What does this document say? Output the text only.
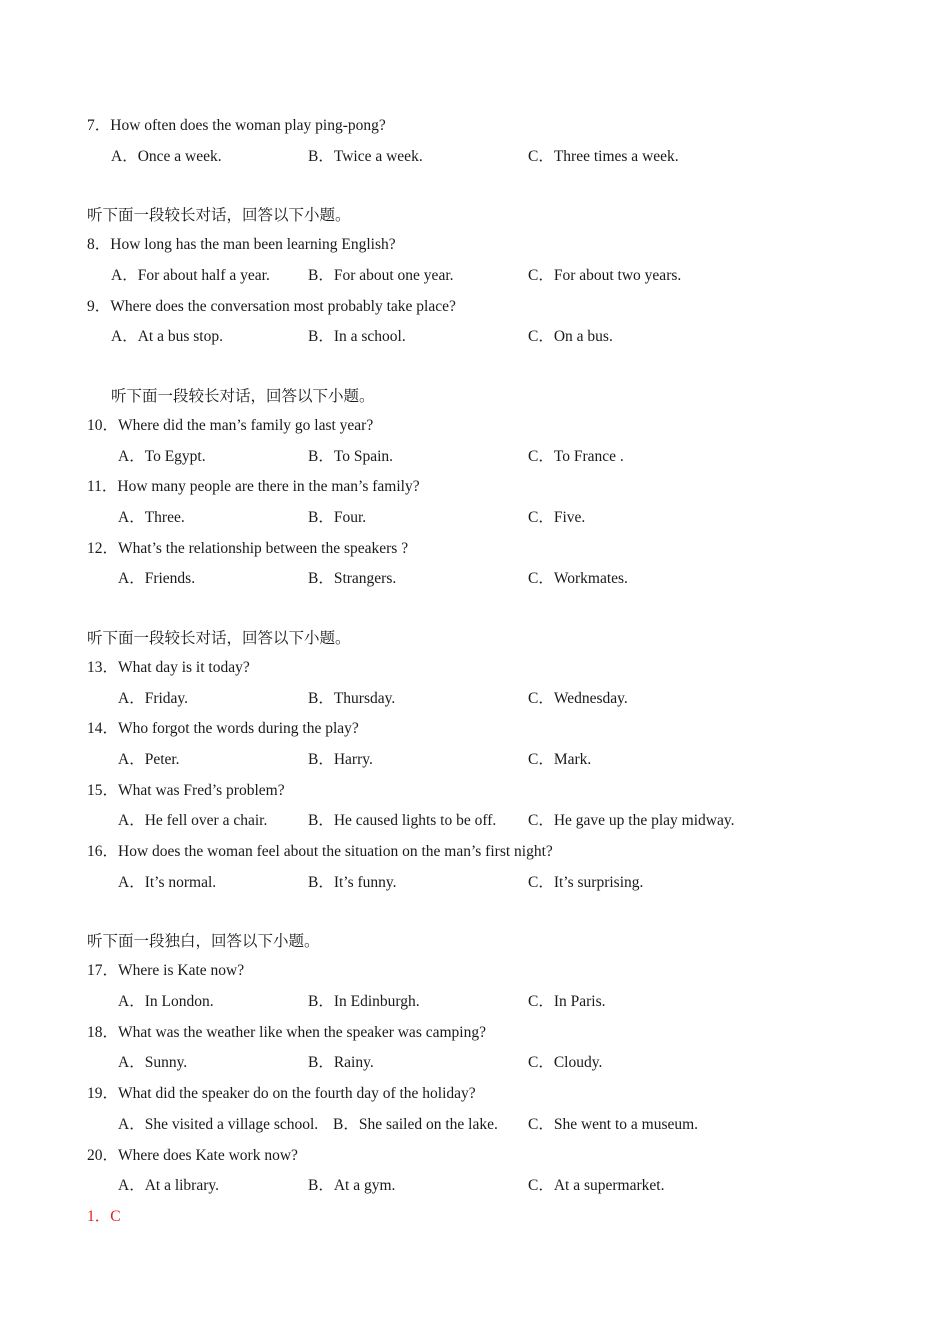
7．How often does the woman play ping-pong?
A．Once a week.	B．Twice a week.	C．Three times a week.
听下面一段较长对话，回答以下小题。
8．How long has the man been learning English?
A．For about half a year. B．For about one year.	C．For about two years.
9．Where does the conversation most probably take place?
A．At a bus stop.	B．In a school.	C．On a bus.
听下面一段较长对话，回答以下小题。
10．Where did the man’s family go last year?
A．To Egypt.	B．To Spain.	C．To France .
11．How many people are there in the man’s family?
A．Three.	B．Four.	C．Five.
12．What’s the relationship between the speakers ?
A．Friends.	B．Strangers.	C．Workmates.
听下面一段较长对话，回答以下小题。
13．What day is it today?
A．Friday.	B．Thursday.	C．Wednesday.
14．Who forgot the words during the play?
A．Peter.	B．Harry.	C．Mark.
15．What was Fred’s problem?
A．He fell over a chair.	B．He caused lights to be off. C．He gave up the play midway.
16．How does the woman feel about the situation on the man’s first night?
A．It’s normal.	B．It’s funny.	C．It’s surprising.
听下面一段独白，回答以下小题。
17．Where is Kate now?
A．In London.	B．In Edinburgh.	C．In Paris.
18．What was the weather like when the speaker was camping?
A．Sunny.	B．Rainy.	C．Cloudy.
19．What did the speaker do on the fourth day of the holiday?
A．She visited a village school. B．She sailed on the lake. C．She went to a museum.
20．Where does Kate work now?
A．At a library.	B．At a gym.	C．At a supermarket.
1．C
